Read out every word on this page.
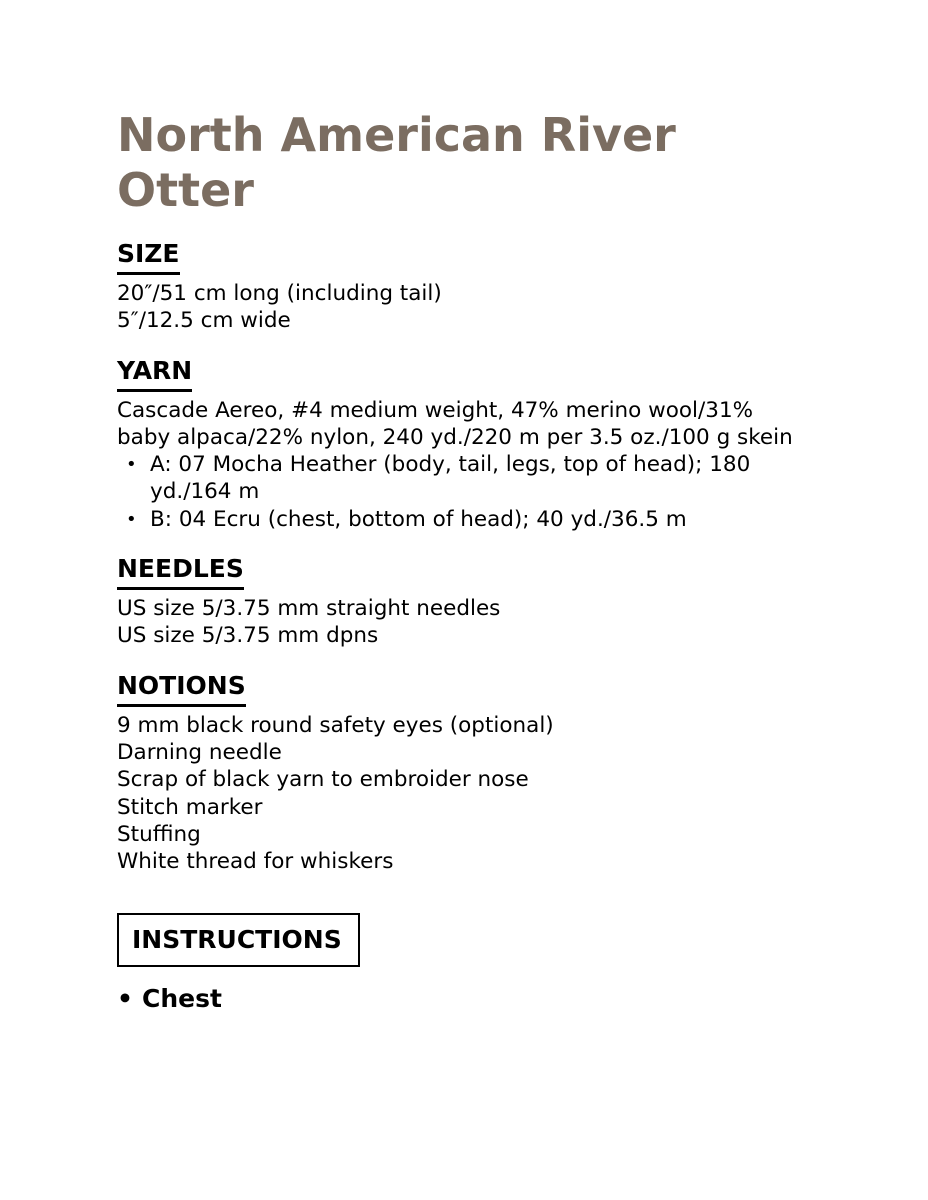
North American River Otter
SIZE
20″/51 cm long (including tail)
5″/12.5 cm wide
YARN
Cascade Aereo, #4 medium weight, 47% merino wool/31% baby alpaca/22% nylon, 240 yd./220 m per 3.5 oz./100 g skein
• A: 07 Mocha Heather (body, tail, legs, top of head); 180 yd./164 m
• B: 04 Ecru (chest, bottom of head); 40 yd./36.5 m
NEEDLES
US size 5/3.75 mm straight needles
US size 5/3.75 mm dpns
NOTIONS
9 mm black round safety eyes (optional)
Darning needle
Scrap of black yarn to embroider nose
Stitch marker
Stuffing
White thread for whiskers
INSTRUCTIONS
• Chest
